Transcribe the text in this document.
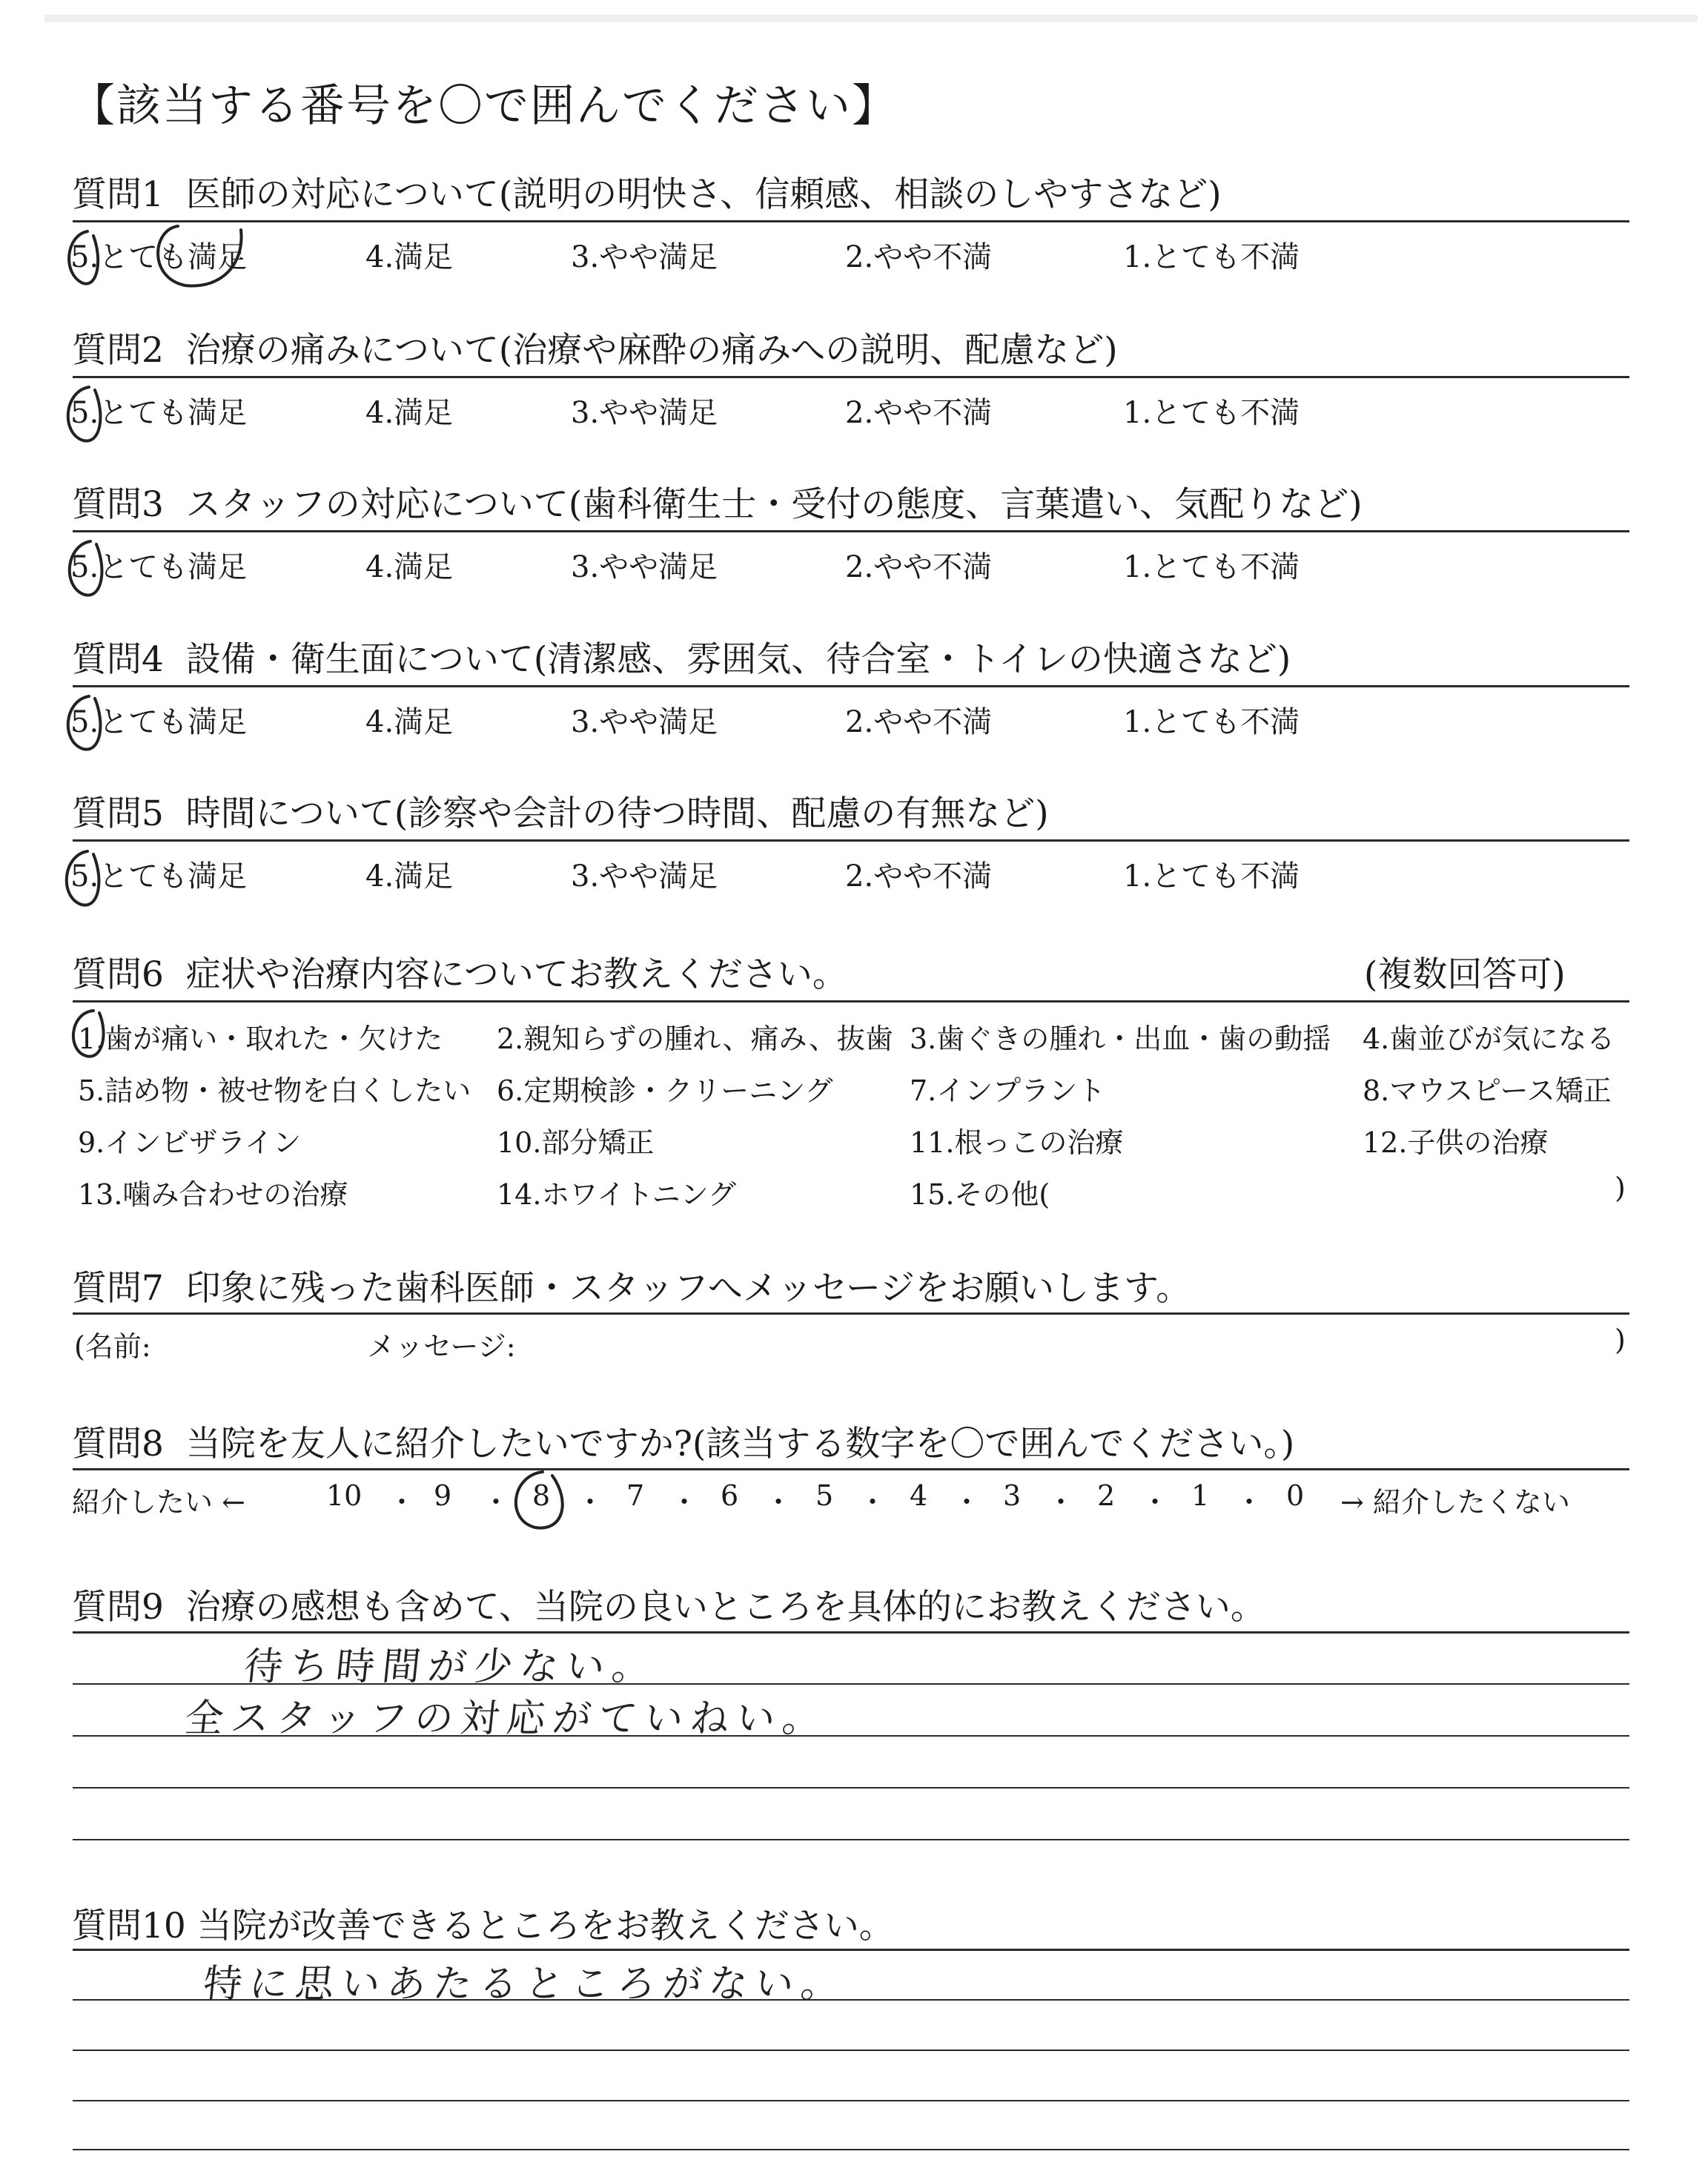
【該当する番号を〇で囲んでください】
質問1 医師の対応について(説明の明快さ、信頼感、相談のしやすさなど)
5.とても満足	4.満足	3.やや満足	2.やや不満	1.とても不満
質問2 治療の痛みについて(治療や麻酔の痛みへの説明、配慮など)
5.とても満足	4.満足	3.やや満足	2.やや不満	1.とても不満
質問3 スタッフの対応について(歯科衛生士・受付の態度、言葉遣い、気配りなど)
5.とても満足	4.満足	3.やや満足	2.やや不満	1.とても不満
質問4 設備・衛生面について(清潔感、雰囲気、待合室・トイレの快適さなど)
5.とても満足	4.満足	3.やや満足	2.やや不満	1.とても不満
質問5 時間について(診察や会計の待つ時間、配慮の有無など)
5.とても満足	4.満足	3.やや満足	2.やや不満	1.とても不満
質問6 症状や治療内容についてお教えください。	(複数回答可)
1.歯が痛い・取れた・欠けた 2.親知らずの腫れ、痛み、抜歯 3.歯ぐきの腫れ・出血・歯の動揺 4.歯並びが気になる
5.詰め物・被せ物を白くしたい 6.定期検診・クリーニング	7.インプラント	8.マウスピース矯正
9.インビザライン	10.部分矯正	11.根っこの治療	12.子供の治療
13.噛み合わせの治療	14.ホワイトニング	15.その他(	)
質問7 印象に残った歯科医師・スタッフへメッセージをお願いします。
(名前:	メッセージ:	)
質問8 当院を友人に紹介したいですか?(該当する数字を〇で囲んでください。)
紹介したい ←	10	9	8	7	6	5	4	3	2	1	0
・ ・ ・ ・ ・ ・ ・ ・ ・ ・	→ 紹介したくない
質問9 治療の感想も含めて、当院の良いところを具体的にお教えください。
待ち時間が少ない。
全スタッフの対応がていねい。
質問10 当院が改善できるところをお教えください。
特に思いあたるところがない。
